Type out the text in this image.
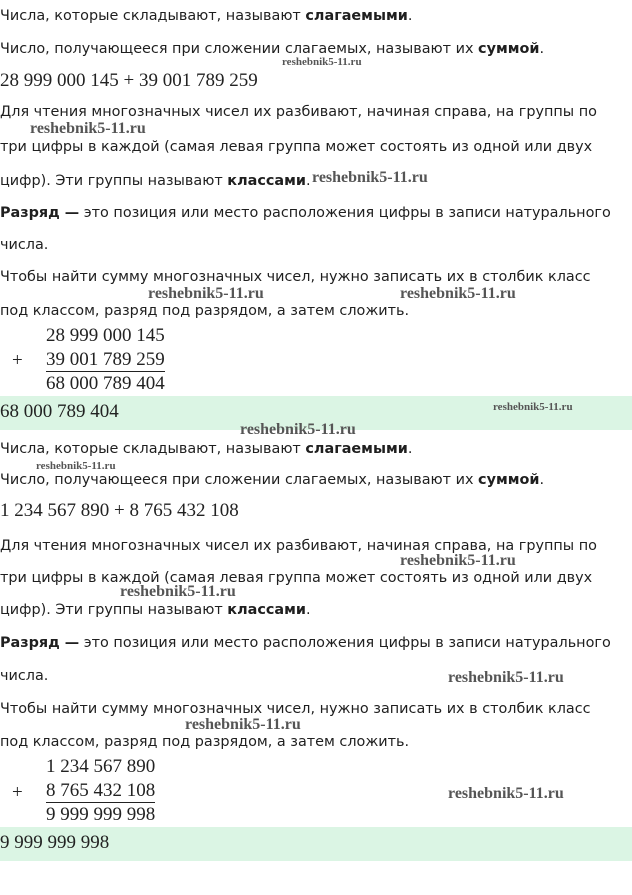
Числа, которые складывают, называют слагаемыми.
Число, получающееся при сложении слагаемых, называют их суммой.
28 999 000 145 + 39 001 789 259
Для чтения многозначных чисел их разбивают, начиная справа, на группы по
три цифры в каждой (самая левая группа может состоять из одной или двух
цифр). Эти группы называют классами.
Разряд — это позиция или место расположения цифры в записи натурального
числа.
Чтобы найти сумму многозначных чисел, нужно записать их в столбик класс
под классом, разряд под разрядом, а затем сложить.
28 999 000 145
+ 39 001 789 259
68 000 789 404
68 000 789 404
Числа, которые складывают, называют слагаемыми.
Число, получающееся при сложении слагаемых, называют их суммой.
1 234 567 890 + 8 765 432 108
Для чтения многозначных чисел их разбивают, начиная справа, на группы по
три цифры в каждой (самая левая группа может состоять из одной или двух
цифр). Эти группы называют классами.
Разряд — это позиция или место расположения цифры в записи натурального
числа.
Чтобы найти сумму многозначных чисел, нужно записать их в столбик класс
под классом, разряд под разрядом, а затем сложить.
1 234 567 890
+ 8 765 432 108
9 999 999 998
9 999 999 998
reshebnik5-11.ru
reshebnik5-11.ru
reshebnik5-11.ru
reshebnik5-11.ru	reshebnik5-11.ru
reshebnik5-11.ru
reshebnik5-11.ru
reshebnik5-11.ru
reshebnik5-11.ru
reshebnik5-11.ru
reshebnik5-11.ru
reshebnik5-11.ru
reshebnik5-11.ru
